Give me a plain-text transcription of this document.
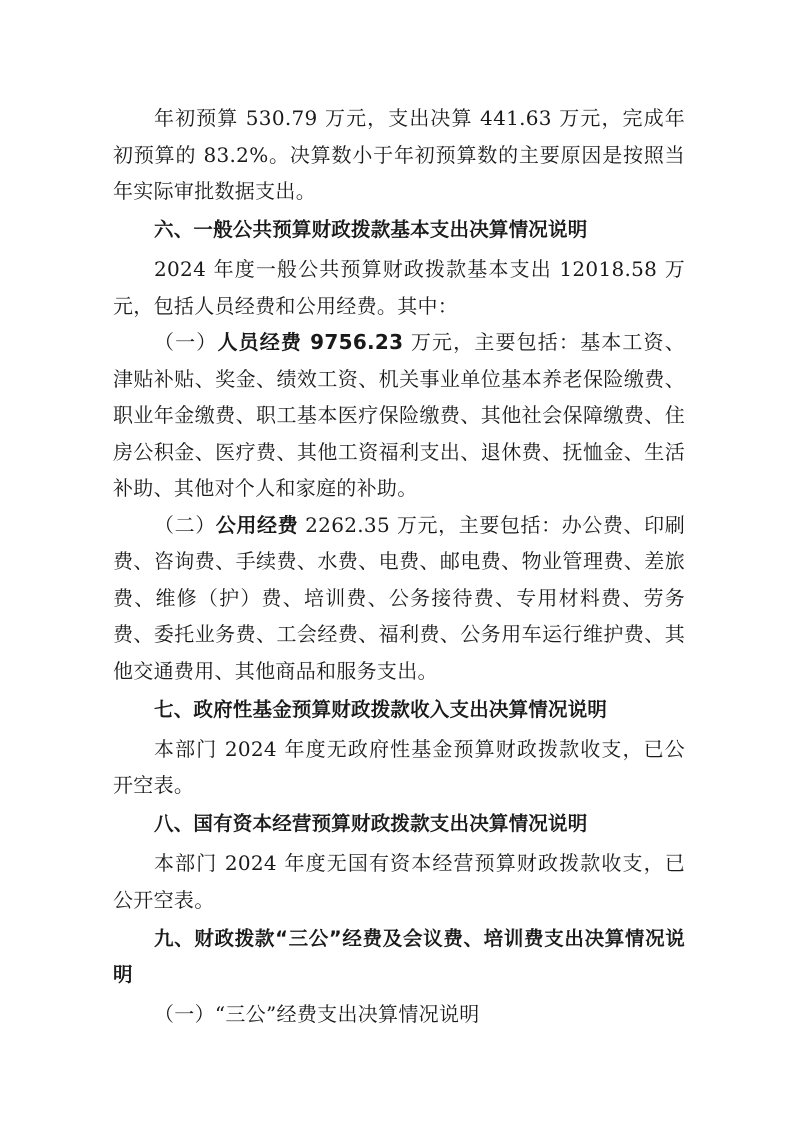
年初预算 530.79 万元，支出决算 441.63 万元，完成年初预算的 83.2%。决算数小于年初预算数的主要原因是按照当年实际审批数据支出。

六、一般公共预算财政拨款基本支出决算情况说明

2024 年度一般公共预算财政拨款基本支出 12018.58 万元，包括人员经费和公用经费。其中：

（一）人员经费 9756.23 万元，主要包括：基本工资、津贴补贴、奖金、绩效工资、机关事业单位基本养老保险缴费、职业年金缴费、职工基本医疗保险缴费、其他社会保障缴费、住房公积金、医疗费、其他工资福利支出、退休费、抚恤金、生活补助、其他对个人和家庭的补助。

（二）公用经费 2262.35 万元，主要包括：办公费、印刷费、咨询费、手续费、水费、电费、邮电费、物业管理费、差旅费、维修（护）费、培训费、公务接待费、专用材料费、劳务费、委托业务费、工会经费、福利费、公务用车运行维护费、其他交通费用、其他商品和服务支出。

七、政府性基金预算财政拨款收入支出决算情况说明

本部门 2024 年度无政府性基金预算财政拨款收支，已公开空表。

八、国有资本经营预算财政拨款支出决算情况说明

本部门 2024 年度无国有资本经营预算财政拨款收支，已公开空表。

九、财政拨款“三公”经费及会议费、培训费支出决算情况说明

（一）“三公”经费支出决算情况说明
